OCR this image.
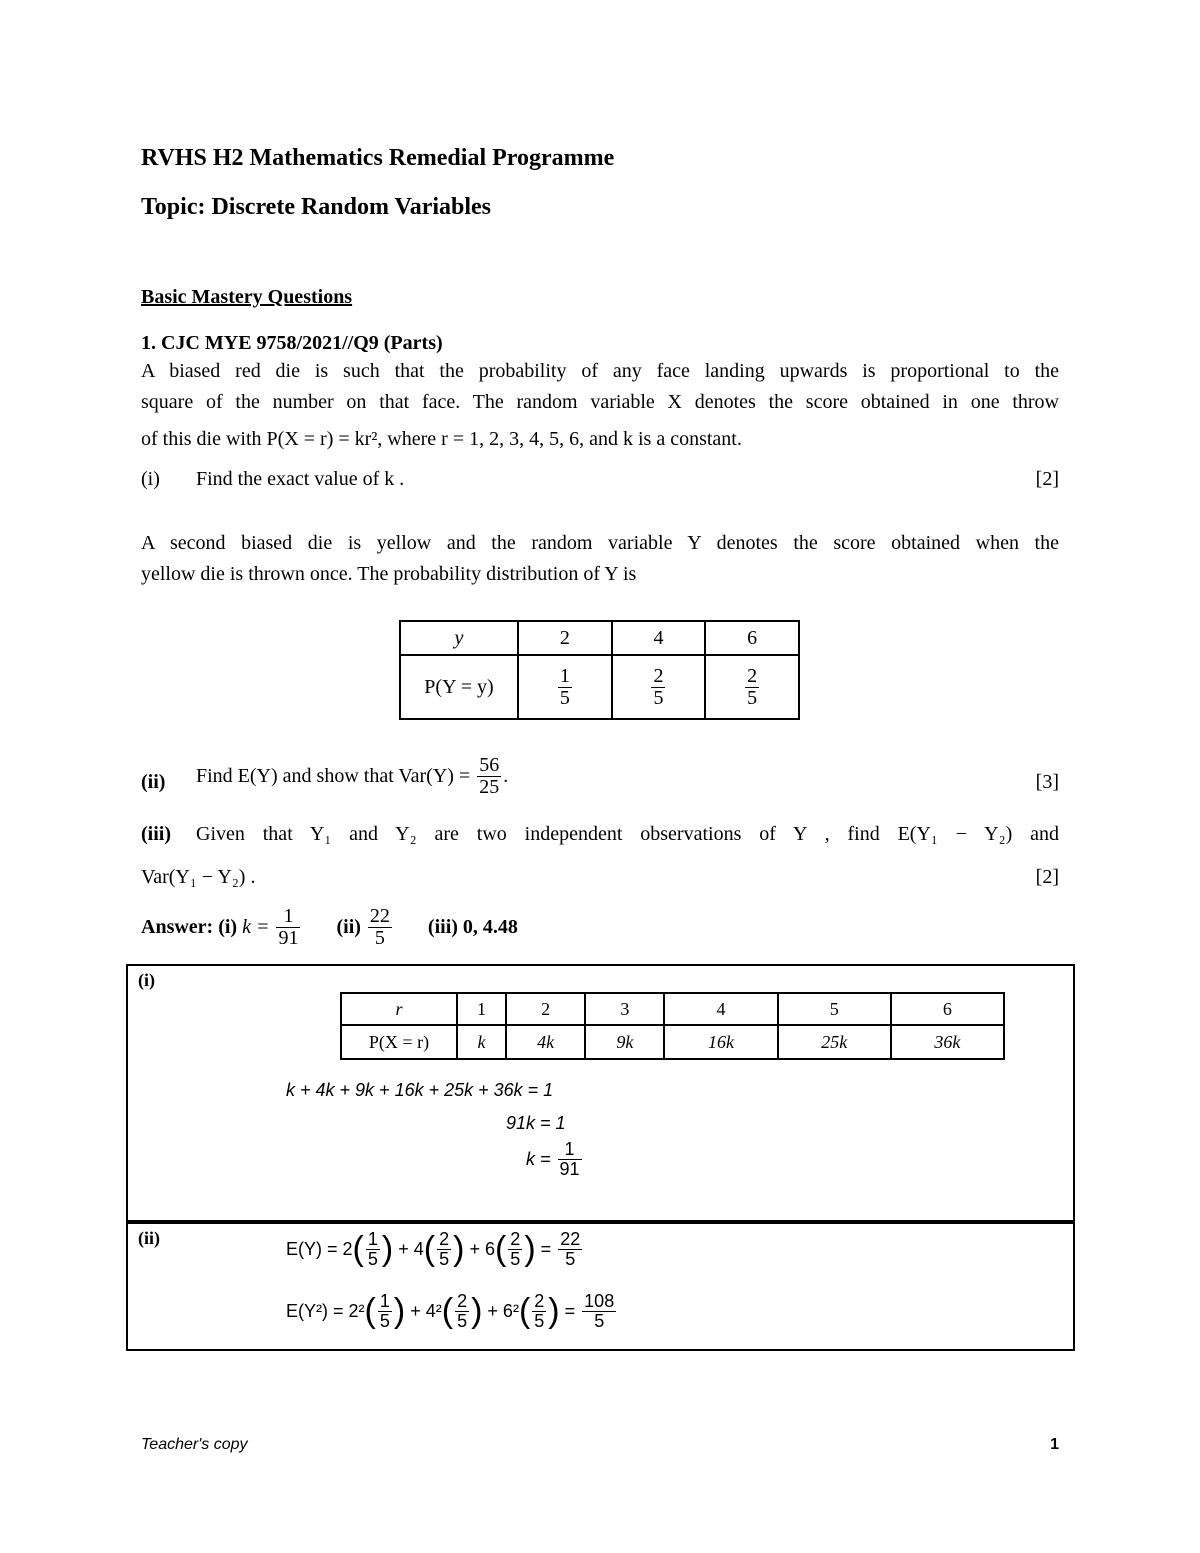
RVHS H2 Mathematics Remedial Programme
Topic: Discrete Random Variables
Basic Mastery Questions
1. CJC MYE 9758/2021//Q9 (Parts)
A biased red die is such that the probability of any face landing upwards is proportional to the
square of the number on that face. The random variable X denotes the score obtained in one throw
of this die with P(X = r) = kr², where r = 1, 2, 3, 4, 5, 6, and k is a constant.
(i) Find the exact value of k .	[2]
A second biased die is yellow and the random variable Y denotes the score obtained when the
yellow die is thrown once. The probability distribution of Y is
y	2	4	6
P(Y = y)	$\frac{1}{5}$	$\frac{2}{5}$	$\frac{2}{5}$
(ii) Find E(Y) and show that $Var(Y) = \frac{56}{25}$ .	[3]
(iii) Given that Y₁ and Y₂ are two independent observations of Y , find E(Y₁ − Y₂) and
Var(Y₁ − Y₂) .	[2]
Answer: (i) $k = \frac{1}{91} (ii) \frac{22}{5} (iii)$ 0, 4.48
(i)
r	1	2	3	4	5	6
P(X = r)	k	4k	9k	16k	25k	36k
k + 4k + 9k + 16k + 25k + 36k = 1
91k = 1
$k = \frac{1}{91}$
(ii)
$E(Y) = 2( \frac{1}{5}$ ) + $4( \frac{2}{5}$ ) + $6( \frac{2}{5}$ ) = $\frac{22}{5}$
$E(Y^2) = 2^2( \frac{1}{5}$ ) + $4^2( \frac{2}{5}$ ) + $6^2( \frac{2}{5}$ ) = $\frac{108}{5}$
Teacher's copy	1
